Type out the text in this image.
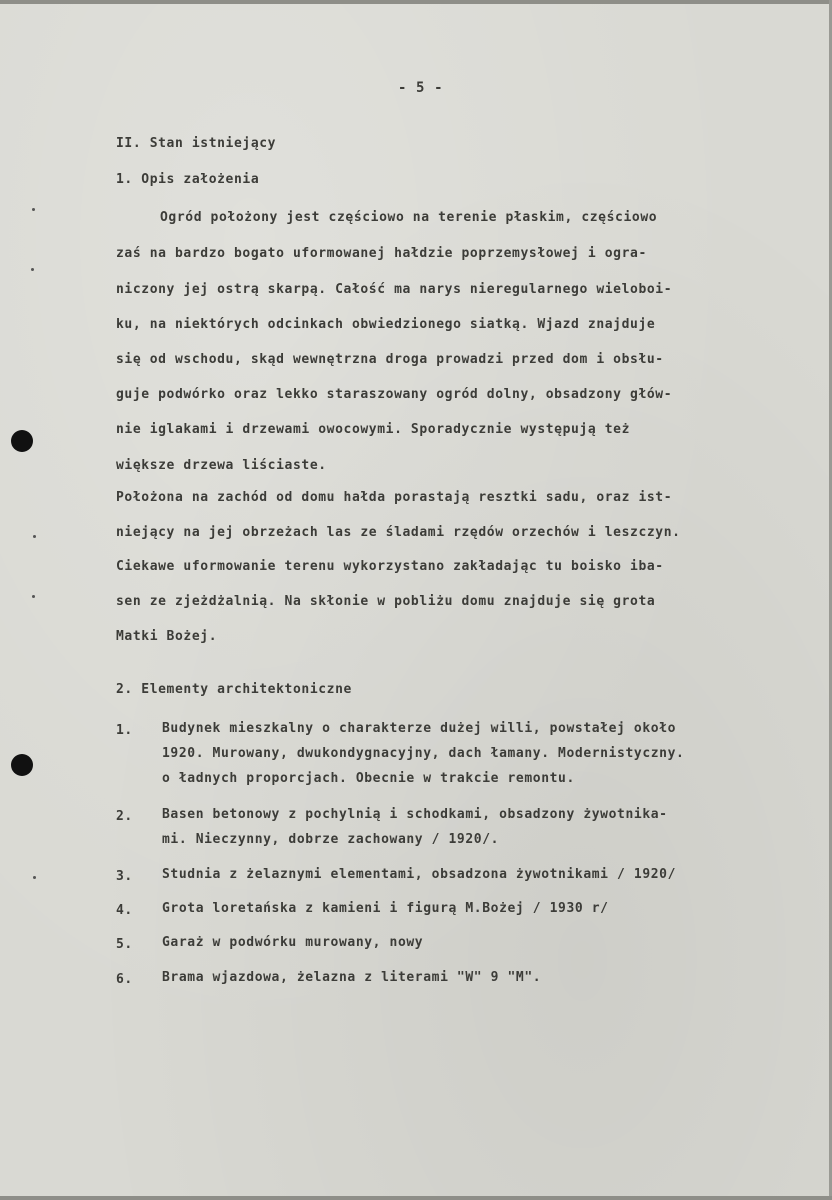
- 5 -
II. Stan istniejący
1. Opis założenia
Ogród położony jest częściowo na terenie płaskim, częściowo
zaś na bardzo bogato uformowanej hałdzie poprzemysłowej i ogra-
niczony jej ostrą skarpą. Całość ma narys nieregularnego wieloboi-
ku, na niektórych odcinkach obwiedzionego siatką. Wjazd znajduje
się od wschodu, skąd wewnętrzna droga prowadzi przed dom i obsłu-
guje podwórko oraz lekko staraszowany ogród dolny, obsadzony głów-
nie iglakami i drzewami owocowymi. Sporadycznie występują też
większe drzewa liściaste.
Położona na zachód od domu hałda porastają resztki sadu, oraz ist-
niejący na jej obrzeżach las ze śladami rzędów orzechów i leszczyn.
Ciekawe uformowanie terenu wykorzystano zakładając tu boisko iba-
sen ze zjeżdżalnią. Na skłonie w pobliżu domu znajduje się grota
Matki Bożej.
2. Elementy architektoniczne
1. Budynek mieszkalny o charakterze dużej willi, powstałej około
1920. Murowany, dwukondygnacyjny, dach łamany. Modernistyczny.
o ładnych proporcjach. Obecnie w trakcie remontu.
2. Basen betonowy z pochylnią i schodkami, obsadzony żywotnika-
mi. Nieczynny, dobrze zachowany / 1920/.
3. Studnia z żelaznymi elementami, obsadzona żywotnikami / 1920/
4. Grota loretańska z kamieni i figurą M.Bożej / 1930 r/
5. Garaż w podwórku murowany, nowy
6. Brama wjazdowa, żelazna z literami "W" 9 "M".
